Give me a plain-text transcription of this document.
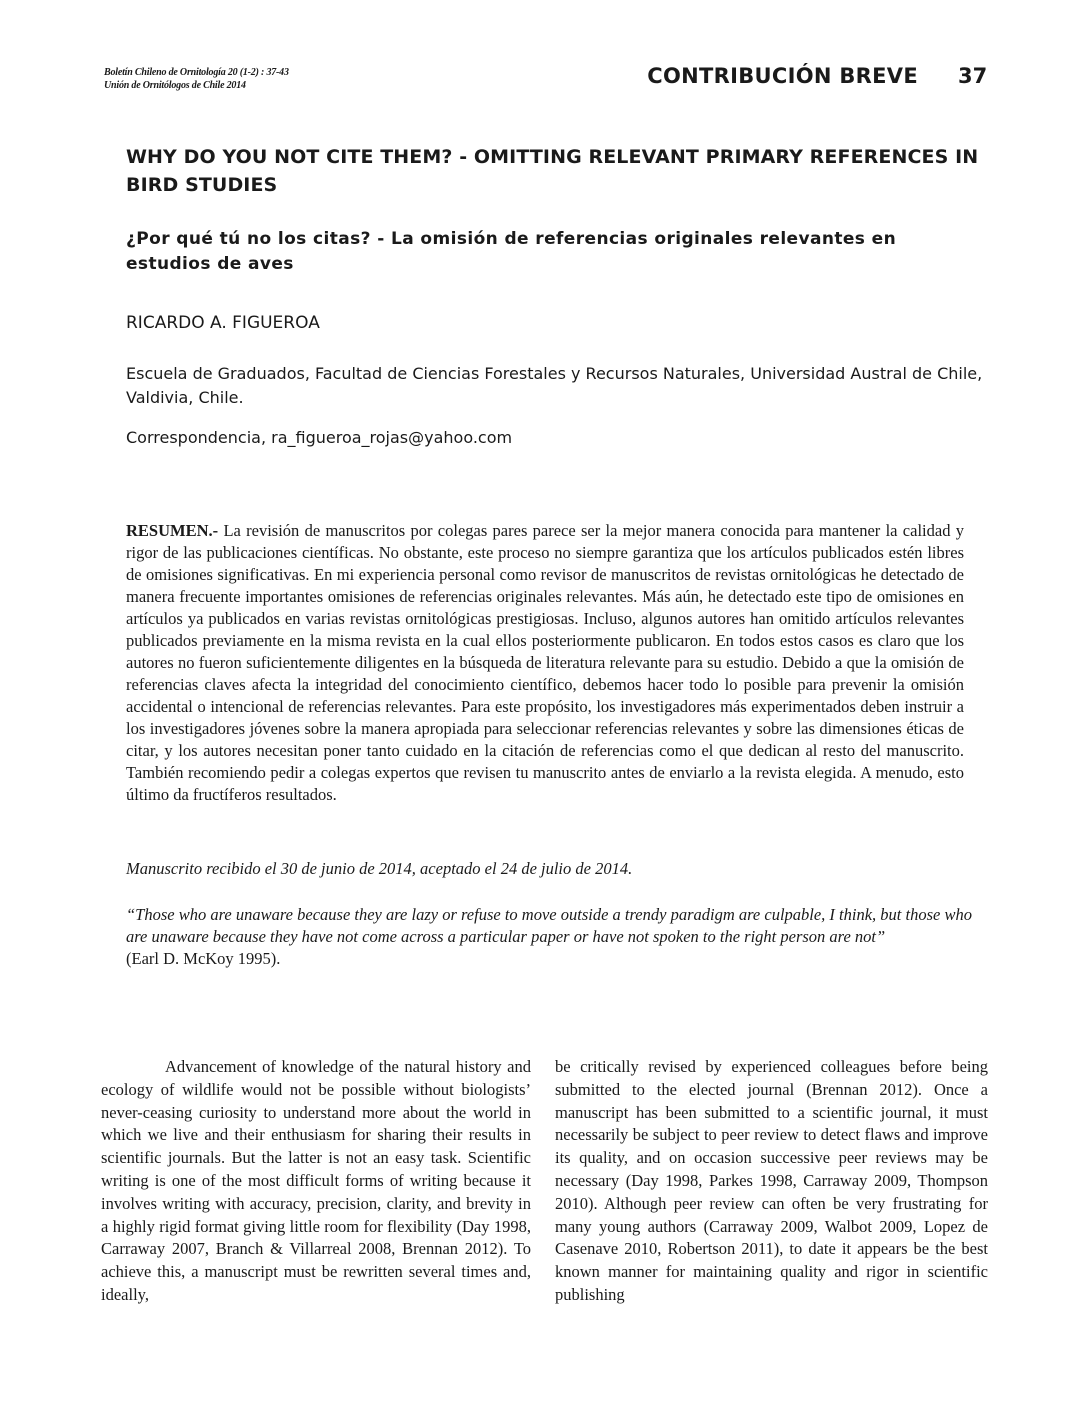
Boletín Chileno de Ornitología 20 (1-2) : 37-43
Unión de Ornitólogos de Chile 2014	CONTRIBUCIÓN BREVE 37
WHY DO YOU NOT CITE THEM? - OMITTING RELEVANT PRIMARY REFERENCES IN BIRD STUDIES
¿Por qué tú no los citas? - La omisión de referencias originales relevantes en estudios de aves
RICARDO A. FIGUEROA
Escuela de Graduados, Facultad de Ciencias Forestales y Recursos Naturales, Universidad Austral de Chile, Valdivia, Chile.
Correspondencia, ra_figueroa_rojas@yahoo.com

RESUMEN.- La revisión de manuscritos por colegas pares parece ser la mejor manera conocida para mantener la calidad y rigor de las publicaciones científicas. No obstante, este proceso no siempre garantiza que los artículos publicados estén libres de omisiones significativas. En mi experiencia personal como revisor de manuscritos de revistas ornitológicas he detectado de manera frecuente importantes omisiones de referencias originales relevantes. Más aún, he detectado este tipo de omisiones en artículos ya publicados en varias revistas ornitológicas prestigiosas. Incluso, algunos autores han omitido artículos relevantes publicados previamente en la misma revista en la cual ellos posteriormente publicaron. En todos estos casos es claro que los autores no fueron suficientemente diligentes en la búsqueda de literatura relevante para su estudio. Debido a que la omisión de referencias claves afecta la integridad del conocimiento científico, debemos hacer todo lo posible para prevenir la omisión accidental o intencional de referencias relevantes. Para este propósito, los investigadores más experimentados deben instruir a los investigadores jóvenes sobre la manera apropiada para seleccionar referencias relevantes y sobre las dimensiones éticas de citar, y los autores necesitan poner tanto cuidado en la citación de referencias como el que dedican al resto del manuscrito. También recomiendo pedir a colegas expertos que revisen tu manuscrito antes de enviarlo a la revista elegida. A menudo, esto último da fructíferos resultados.

Manuscrito recibido el 30 de junio de 2014, aceptado el 24 de julio de 2014.
“Those who are unaware because they are lazy or refuse to move outside a trendy paradigm are culpable, I think, but those who are unaware because they have not come across a particular paper or have not spoken to the right person are not”
(Earl D. McKoy 1995).

Advancement of knowledge of the natural history and ecology of wildlife would not be possible without biologists’ never-ceasing curiosity to understand more about the world in which we live and their enthusiasm for sharing their results in scientific journals. But the latter is not an easy task. Scientific writing is one of the most difficult forms of writing because it involves writing with accuracy, precision, clarity, and brevity in a highly rigid format giving little room for flexibility (Day 1998, Carraway 2007, Branch & Villarreal 2008, Brennan 2012). To achieve this, a manuscript must be rewritten several times and, ideally,

be critically revised by experienced colleagues before being submitted to the elected journal (Brennan 2012). Once a manuscript has been submitted to a scientific journal, it must necessarily be subject to peer review to detect flaws and improve its quality, and on occasion successive peer reviews may be necessary (Day 1998, Parkes 1998, Carraway 2009, Thompson 2010). Although peer review can often be very frustrating for many young authors (Carraway 2009, Walbot 2009, Lopez de Casenave 2010, Robertson 2011), to date it appears be the best known manner for maintaining quality and rigor in scientific publishing
